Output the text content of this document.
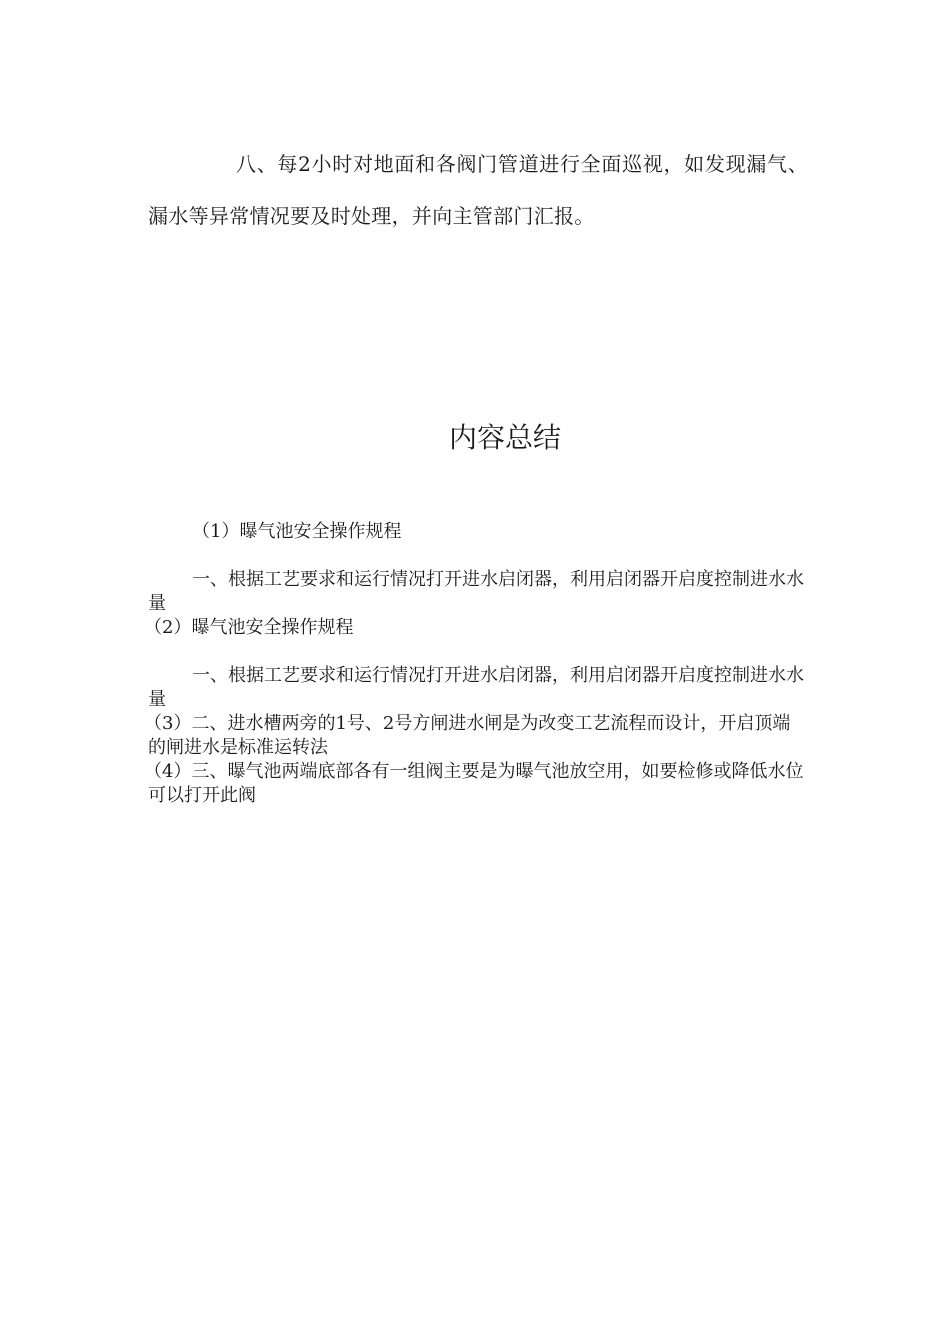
八、每2小时对地面和各阀门管道进行全面巡视，如发现漏气、漏水等异常情况要及时处理，并向主管部门汇报。

内容总结

（1）曝气池安全操作规程

一、根据工艺要求和运行情况打开进水启闭器，利用启闭器开启度控制进水水量

（2）曝气池安全操作规程

一、根据工艺要求和运行情况打开进水启闭器，利用启闭器开启度控制进水水量

（3）二、进水槽两旁的1号、2号方闸进水闸是为改变工艺流程而设计，开启顶端的闸进水是标准运转法

（4）三、曝气池两端底部各有一组阀主要是为曝气池放空用，如要检修或降低水位可以打开此阀
